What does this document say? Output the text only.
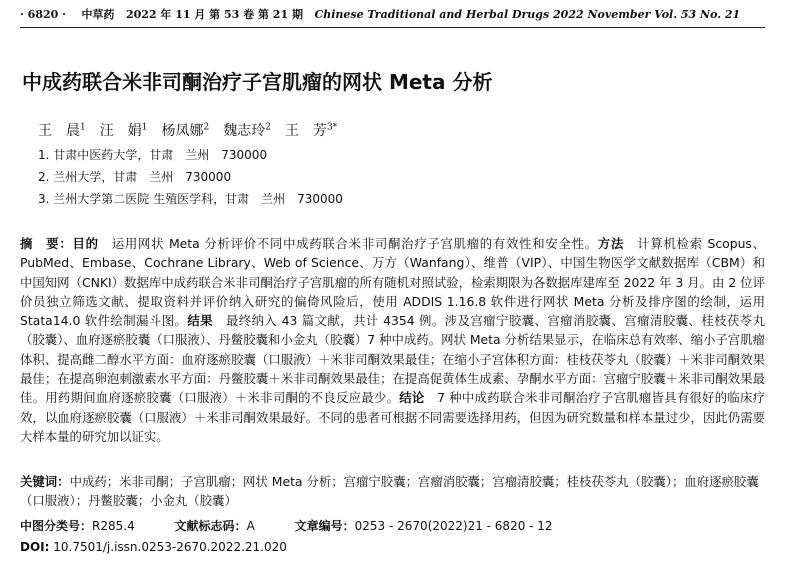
· 6820 · 中草药 2022 年 11 月 第 53 卷 第 21 期 Chinese Traditional and Herbal Drugs 2022 November Vol. 53 No. 21
中成药联合米非司酮治疗子宫肌瘤的网状 Meta 分析
王　晨$^1$ 汪　娟$^1$ 杨凤娜$^2$ 魏志玲$^2$ 王　芳$^{3*}$
1. 甘肃中医药大学，甘肃　兰州　730000
2. 兰州大学，甘肃　兰州　730000
3. 兰州大学第二医院 生殖医学科，甘肃　兰州　730000
摘　要：目的　运用网状 Meta 分析评价不同中成药联合米非司酮治疗子宫肌瘤的有效性和安全性。方法　计算机检索 Scopus、PubMed、Embase、Cochrane Library、Web of Science、万方（Wanfang）、维普（VIP）、中国生物医学文献数据库（CBM）和中国知网（CNKI）数据库中成药联合米非司酮治疗子宫肌瘤的所有随机对照试验，检索期限为各数据库建库至 2022 年 3 月。由 2 位评价员独立筛选文献、提取资料并评价纳入研究的偏倚风险后，使用 ADDIS 1.16.8 软件进行网状 Meta 分析及排序图的绘制，运用 Stata14.0 软件绘制漏斗图。结果　最终纳入 43 篇文献，共计 4354 例。涉及宫瘤宁胶囊、宫瘤消胶囊、宫瘤清胶囊、桂枝茯苓丸（胶囊）、血府逐瘀胶囊（口服液）、丹鳖胶囊和小金丸（胶囊）7 种中成药。网状 Meta 分析结果显示，在临床总有效率、缩小子宫肌瘤体积、提高雌二醇水平方面：血府逐瘀胶囊（口服液）＋米非司酮效果最佳；在缩小子宫体积方面：桂枝茯苓丸（胶囊）＋米非司酮效果最佳；在提高卵泡刺激素水平方面：丹鳖胶囊＋米非司酮效果最佳；在提高促黄体生成素、孕酮水平方面：宫瘤宁胶囊＋米非司酮效果最佳。用药期间血府逐瘀胶囊（口服液）＋米非司酮的不良反应最少。结论　7 种中成药联合米非司酮治疗子宫肌瘤皆具有很好的临床疗效，以血府逐瘀胶囊（口服液）＋米非司酮效果最好。不同的患者可根据不同需要选择用药，但因为研究数量和样本量过少，因此仍需要大样本量的研究加以证实。
关键词：中成药；米非司酮；子宫肌瘤；网状 Meta 分析；宫瘤宁胶囊；宫瘤消胶囊；宫瘤清胶囊；桂枝茯苓丸（胶囊）；血府逐瘀胶囊（口服液）；丹鳖胶囊；小金丸（胶囊）
中图分类号：R285.4	文献标志码：A	文章编号：0253 - 2670(2022)21 - 6820 - 12
DOI: 10.7501/j.issn.0253-2670.2022.21.020
